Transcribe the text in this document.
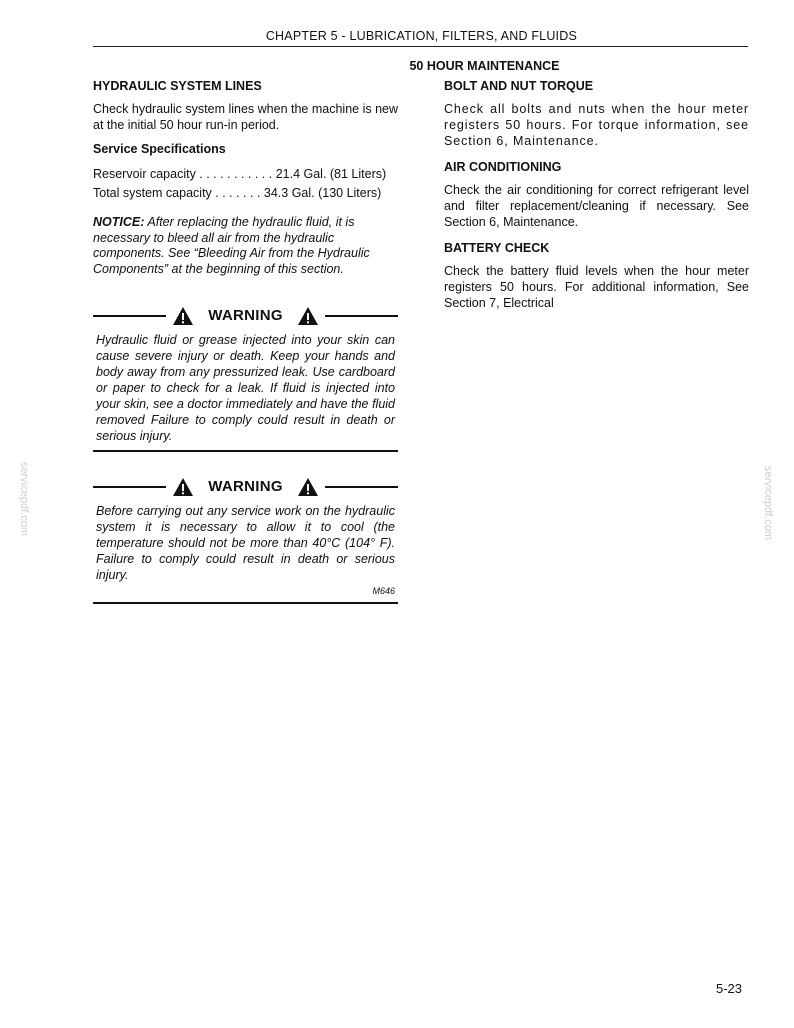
CHAPTER 5 - LUBRICATION, FILTERS, AND FLUIDS
50 HOUR MAINTENANCE
HYDRAULIC SYSTEM LINES

Check hydraulic system lines when the machine is new at the initial 50 hour run-in period.

Service Specifications
Reservoir capacity . . . . . . . . . . . 21.4 Gal. (81 Liters)
Total system capacity . . . . . . . 34.3 Gal. (130 Liters)

NOTICE: After replacing the hydraulic fluid, it is necessary to bleed all air from the hydraulic components. See “Bleeding Air from the Hydraulic Components” at the beginning of this section.

WARNING
Hydraulic fluid or grease injected into your skin can cause severe injury or death. Keep your hands and body away from any pressurized leak. Use cardboard or paper to check for a leak. If fluid is injected into your skin, see a doctor immediately and have the fluid removed Failure to comply could result in death or serious injury.
WARNING
Before carrying out any service work on the hydraulic system it is necessary to allow it to cool (the temperature should not be more than 40°C (104° F). Failure to comply could result in death or serious injury.
M646
BOLT AND NUT TORQUE

Check all bolts and nuts when the hour meter registers 50 hours. For torque information, see Section 6, Maintenance.

AIR CONDITIONING

Check the air conditioning for correct refrigerant level and filter replacement/cleaning if necessary. See Section 6, Maintenance.

BATTERY CHECK

Check the battery fluid levels when the hour meter registers 50 hours. For additional information, See Section 7, Electrical

servicepdf.com	servicepdf.com
5-23
